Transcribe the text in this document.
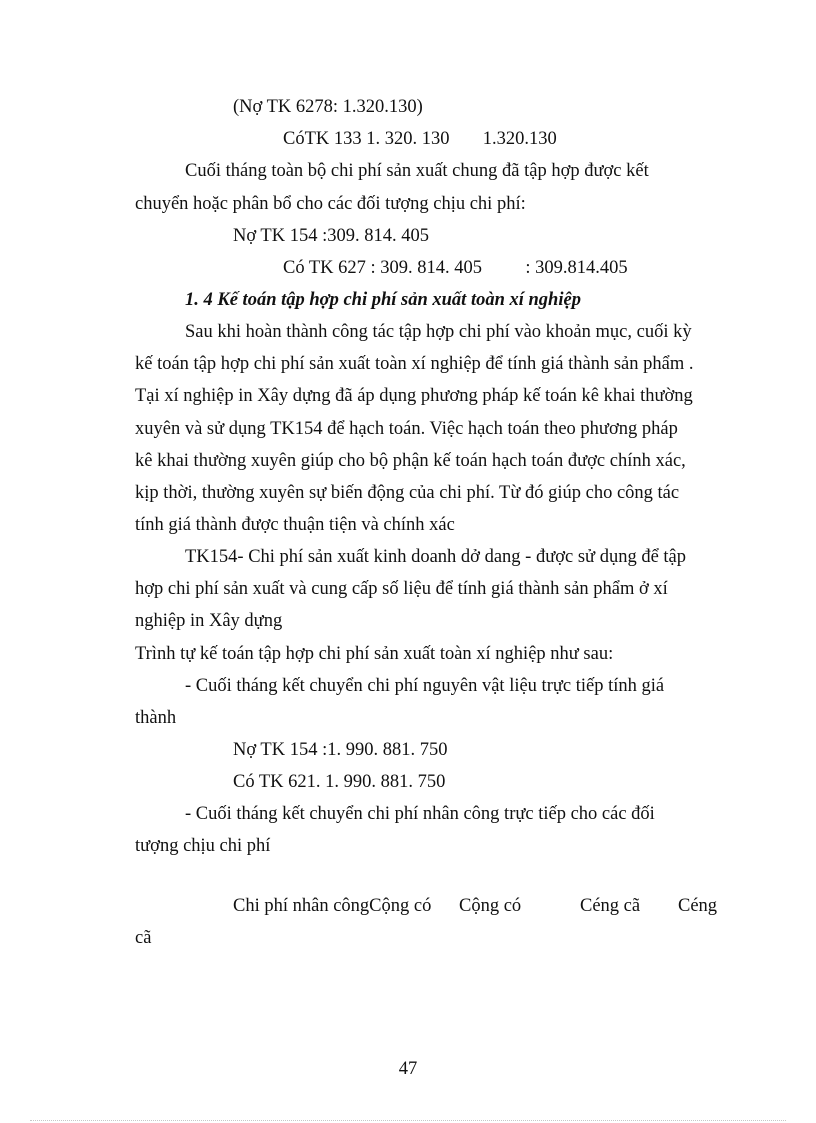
(Nợ TK 6278: 1.320.130)
CóTK 133 1. 320. 130 1.320.130
Cuối tháng toàn bộ chi phí sản xuất chung đã tập hợp được kết
chuyển hoặc phân bổ cho các đối tượng chịu chi phí:
Nợ TK 154 :309. 814. 405
Có TK 627 : 309. 814. 405 : 309.814.405
1. 4 Kế toán tập hợp chi phí sản xuất toàn xí nghiệp
Sau khi hoàn thành công tác tập hợp chi phí vào khoản mục, cuối kỳ
kế toán tập hợp chi phí sản xuất toàn xí nghiệp để tính giá thành sản phẩm .
Tại xí nghiệp in Xây dựng đã áp dụng phương pháp kế toán kê khai thường
xuyên và sử dụng TK154 để hạch toán. Việc hạch toán theo phương pháp
kê khai thường xuyên giúp cho bộ phận kế toán hạch toán được chính xác,
kịp thời, thường xuyên sự biến động của chi phí. Từ đó giúp cho công tác
tính giá thành được thuận tiện và chính xác
TK154- Chi phí sản xuất kinh doanh dở dang - được sử dụng để tập
hợp chi phí sản xuất và cung cấp số liệu để tính giá thành sản phẩm ở xí
nghiệp in Xây dựng
Trình tự kế toán tập hợp chi phí sản xuất toàn xí nghiệp như sau:
- Cuối tháng kết chuyển chi phí nguyên vật liệu trực tiếp tính giá
thành
Nợ TK 154 :1. 990. 881. 750
Có TK 621. 1. 990. 881. 750
- Cuối tháng kết chuyển chi phí nhân công trực tiếp cho các đối
tượng chịu chi phí
Chi phí nhân côngCộng có Cộng có	Céng cã Céng
cã
47
